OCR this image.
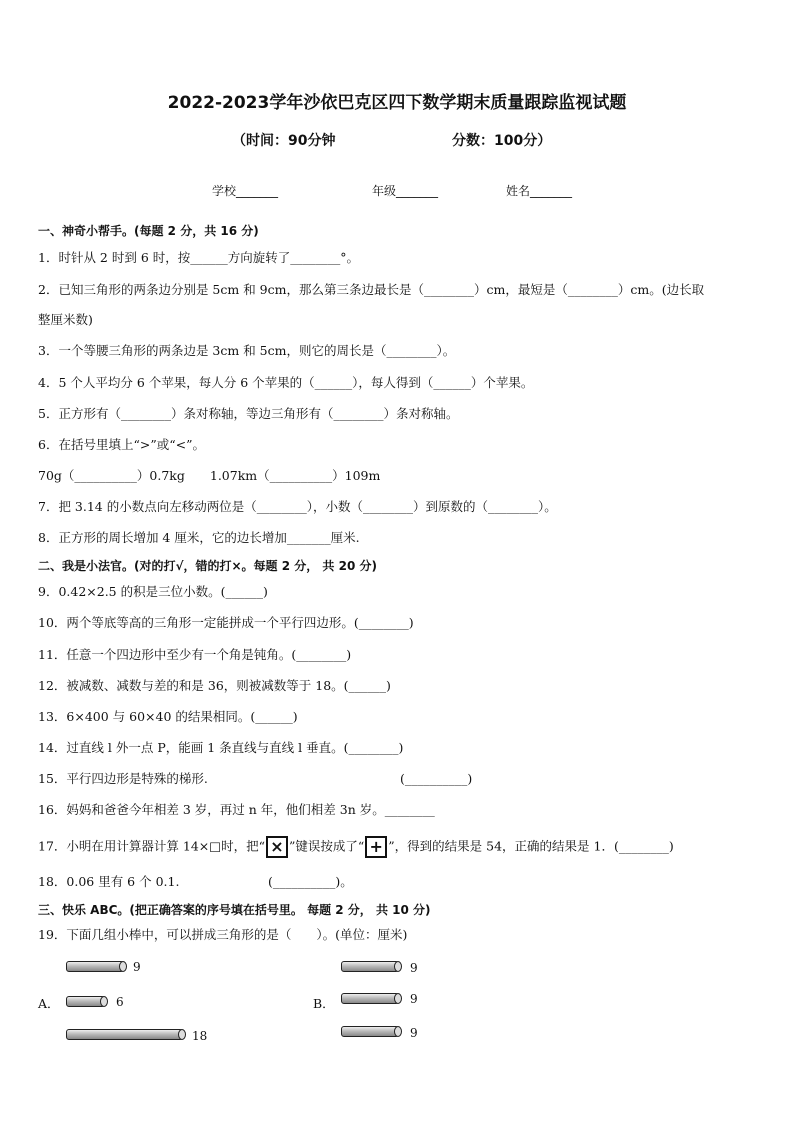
2022-2023学年沙依巴克区四下数学期末质量跟踪监视试题
（时间：90分钟	分数：100分）
学校_______	年级_______	姓名_______
一、神奇小帮手。(每题 2 分，共 16 分)
1．时针从 2 时到 6 时，按______方向旋转了________°。
2．已知三角形的两条边分别是 5cm 和 9cm，那么第三条边最长是（________）cm，最短是（________）cm。(边长取
整厘米数)
3．一个等腰三角形的两条边是 3cm 和 5cm，则它的周长是（________）。
4．5 个人平均分 6 个苹果，每人分 6 个苹果的（______），每人得到（______）个苹果。
5．正方形有（________）条对称轴，等边三角形有（________）条对称轴。
6．在括号里填上“>”或“<”。
70g（__________）0.7kg　　1.07km（__________）109m
7．把 3.14 的小数点向左移动两位是（________），小数（________）到原数的（________）。
8．正方形的周长增加 4 厘米，它的边长增加_______厘米.
二、我是小法官。(对的打√，错的打×。每题 2 分， 共 20 分)
9．0.42×2.5 的积是三位小数。(______)
10．两个等底等高的三角形一定能拼成一个平行四边形。(________)
11．任意一个四边形中至少有一个角是钝角。(________)
12．被减数、减数与差的和是 36，则被减数等于 18。(______)
13．6×400 与 60×40 的结果相同。(______)
14．过直线 l 外一点 P，能画 1 条直线与直线 l 垂直。(________)
15．平行四边形是特殊的梯形.	(__________)
16．妈妈和爸爸今年相差 3 岁，再过 n 年，他们相差 3n 岁。________
17．小明在用计算器计算 14×□时，把“ × ”键误按成了“ + ”，得到的结果是 54，正确的结果是 1．(________)
18．0.06 里有 6 个 0.1.	(__________)。
三、快乐 ABC。(把正确答案的序号填在括号里。 每题 2 分， 共 10 分)
19．下面几组小棒中，可以拼成三角形的是（　　）。(单位：厘米)
A．
9
6
18
B．
9
9
9
